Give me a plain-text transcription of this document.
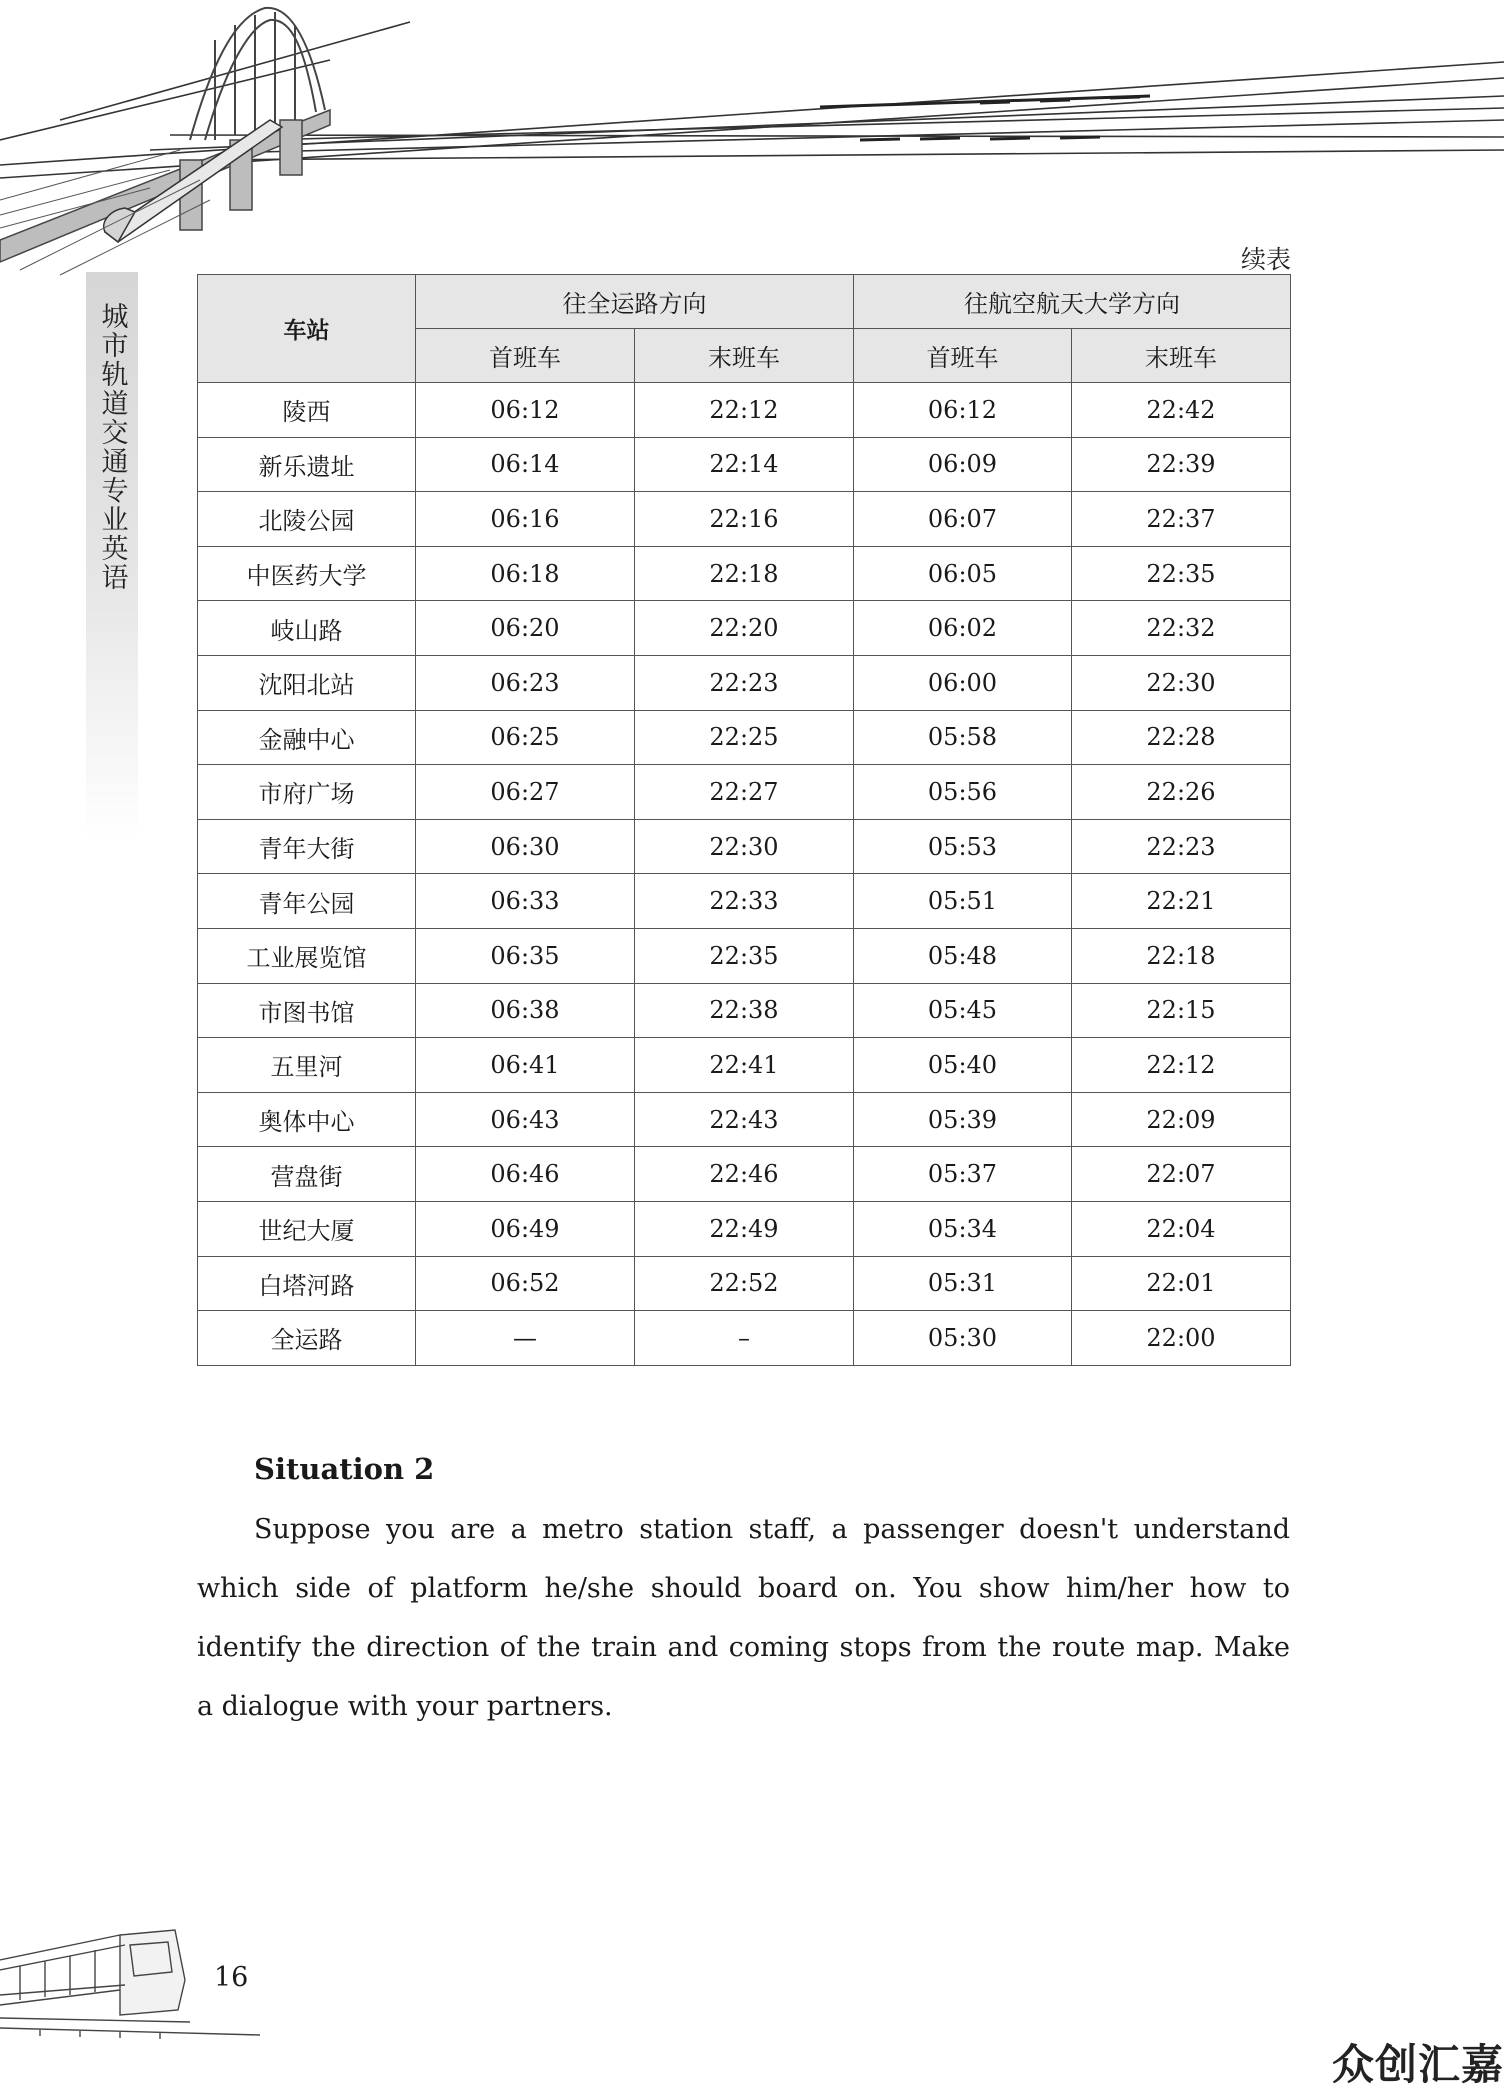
城市轨道交通专业英语
续表
车站	往全运路方向		往航空航天大学方向	
	首班车	末班车	首班车	末班车
陵西	06:12	22:12	06:12	22:42
新乐遗址	06:14	22:14	06:09	22:39
北陵公园	06:16	22:16	06:07	22:37
中医药大学	06:18	22:18	06:05	22:35
岐山路	06:20	22:20	06:02	22:32
沈阳北站	06:23	22:23	06:00	22:30
金融中心	06:25	22:25	05:58	22:28
市府广场	06:27	22:27	05:56	22:26
青年大街	06:30	22:30	05:53	22:23
青年公园	06:33	22:33	05:51	22:21
工业展览馆	06:35	22:35	05:48	22:18
市图书馆	06:38	22:38	05:45	22:15
五里河	06:41	22:41	05:40	22:12
奥体中心	06:43	22:43	05:39	22:09
营盘街	06:46	22:46	05:37	22:07
世纪大厦	06:49	22:49	05:34	22:04
白塔河路	06:52	22:52	05:31	22:01
全运路	—	–	05:30	22:00
Situation 2

Suppose you are a metro station staff, a passenger doesn't understand which side of platform he/she should board on. You show him/her how to identify the direction of the train and coming stops from the route map. Make a dialogue with your partners.

16
众创汇嘉
